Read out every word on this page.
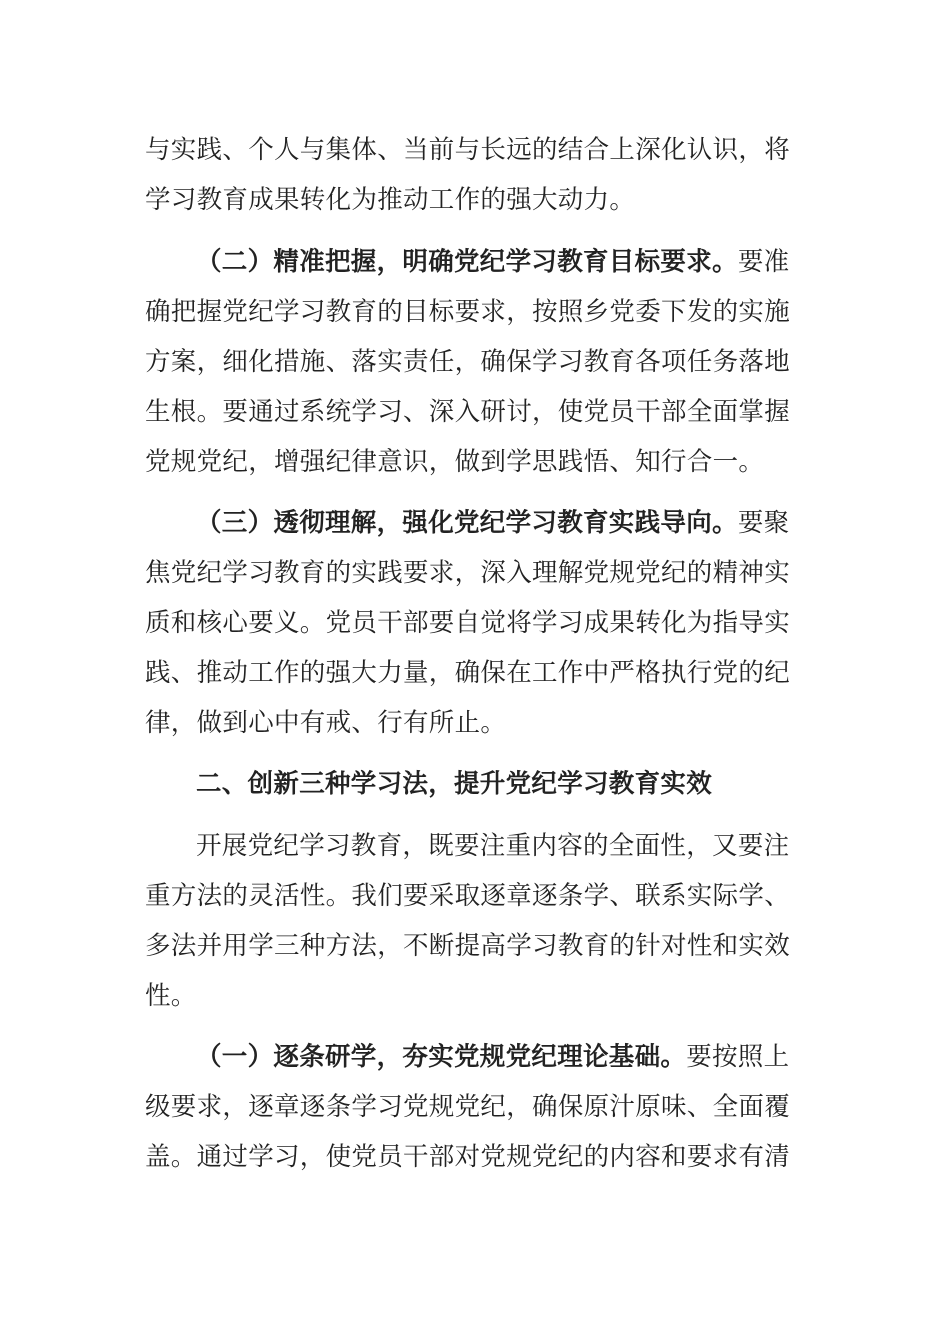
与实践、个人与集体、当前与长远的结合上深化认识，将
学习教育成果转化为推动工作的强大动力。
（二）精准把握，明确党纪学习教育目标要求。要准
确把握党纪学习教育的目标要求，按照乡党委下发的实施
方案，细化措施、落实责任，确保学习教育各项任务落地
生根。要通过系统学习、深入研讨，使党员干部全面掌握
党规党纪，增强纪律意识，做到学思践悟、知行合一。
（三）透彻理解，强化党纪学习教育实践导向。要聚
焦党纪学习教育的实践要求，深入理解党规党纪的精神实
质和核心要义。党员干部要自觉将学习成果转化为指导实
践、推动工作的强大力量，确保在工作中严格执行党的纪
律，做到心中有戒、行有所止。
二、创新三种学习法，提升党纪学习教育实效
开展党纪学习教育，既要注重内容的全面性，又要注
重方法的灵活性。我们要采取逐章逐条学、联系实际学、
多法并用学三种方法，不断提高学习教育的针对性和实效
性。
（一）逐条研学，夯实党规党纪理论基础。要按照上
级要求，逐章逐条学习党规党纪，确保原汁原味、全面覆
盖。通过学习，使党员干部对党规党纪的内容和要求有清
